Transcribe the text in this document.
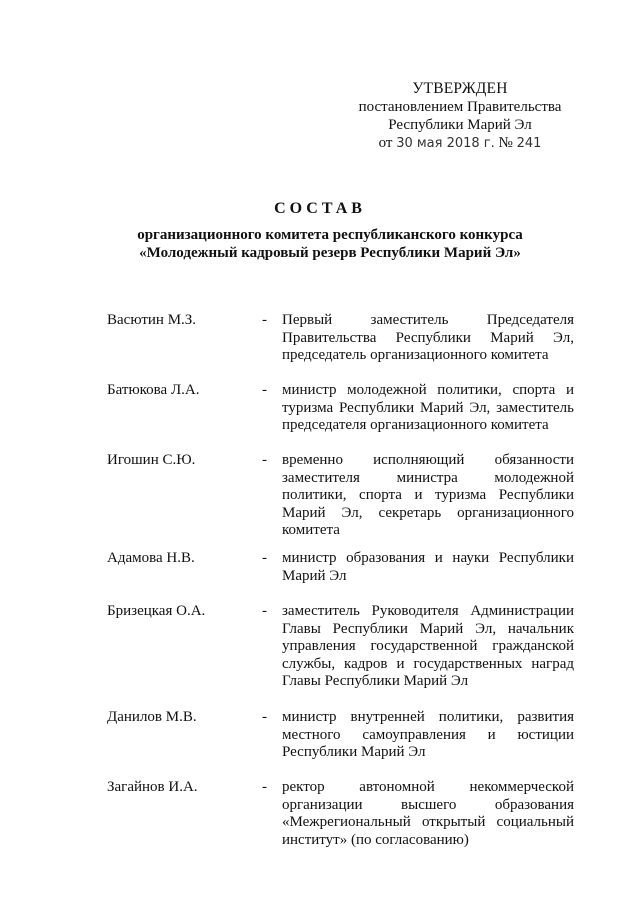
УТВЕРЖДЕН
постановлением Правительства
Республики Марий Эл
от 30 мая 2018 г. № 241
СОСТАВ
организационного комитета республиканского конкурса
«Молодежный кадровый резерв Республики Марий Эл»
Васютин М.З.	-	Первый заместитель Председателя Правительства Республики Марий Эл, председатель организационного комитета
Батюкова Л.А.	-	министр молодежной политики, спорта и туризма Республики Марий Эл, заместитель председателя организационного комитета
Игошин С.Ю.	-	временно исполняющий обязанности заместителя министра молодежной политики, спорта и туризма Республики Марий Эл, секретарь организационного комитета
Адамова Н.В.	-	министр образования и науки Республики Марий Эл
Бризецкая О.А.	-	заместитель Руководителя Администрации Главы Республики Марий Эл, начальник управления государственной гражданской службы, кадров и государственных наград Главы Республики Марий Эл
Данилов М.В.	-	министр внутренней политики, развития местного самоуправления и юстиции Республики Марий Эл
Загайнов И.А.	-	ректор автономной некоммерческой организации высшего образования «Межрегиональный открытый социальный институт» (по согласованию)
